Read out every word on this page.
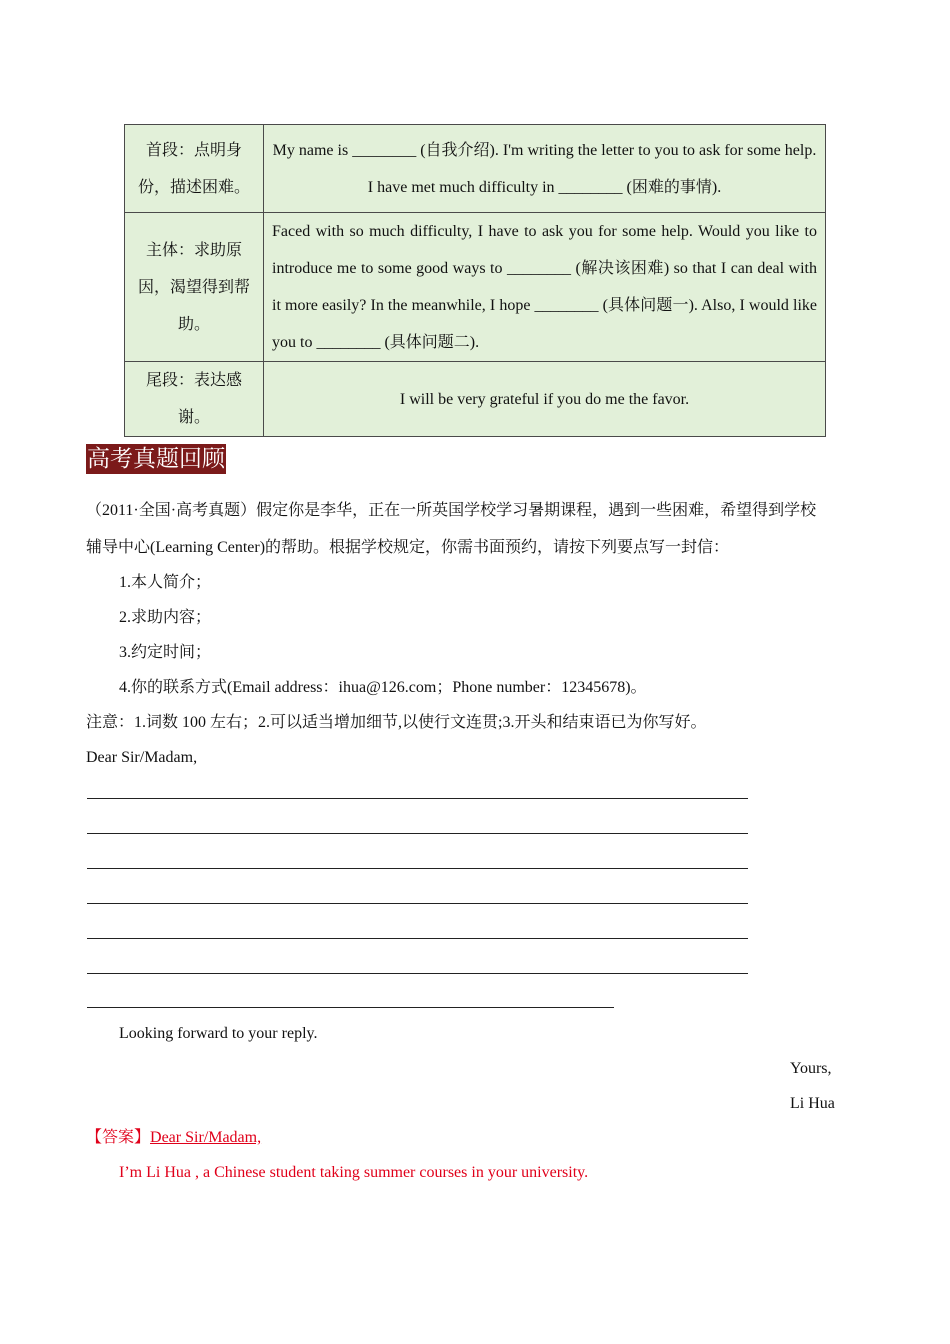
首段：点明身份，描述困难。	My name is ________ (自我介绍). I'm writing the letter to you to ask for some help. I have met much difficulty in ________ (困难的事情).
主体：求助原因，渴望得到帮助。	Faced with so much difficulty, I have to ask you for some help. Would you like to introduce me to some good ways to ________ (解决该困难) so that I can deal with it more easily? In the meanwhile, I hope ________ (具体问题一). Also, I would like you to ________ (具体问题二).
尾段：表达感谢。	I will be very grateful if you do me the favor.
高考真题回顾
（2011·全国·高考真题）假定你是李华，正在一所英国学校学习暑期课程，遇到一些困难，希望得到学校
辅导中心(Learning Center)的帮助。根据学校规定，你需书面预约，请按下列要点写一封信：
1.本人简介；
2.求助内容；
3.约定时间；
4.你的联系方式(Email address：ihua@126.com；Phone number：12345678)。
注意：1.词数 100 左右；2.可以适当增加细节,以使行文连贯;3.开头和结束语已为你写好。
Dear Sir/Madam,
Looking forward to your reply.
Yours,
Li Hua
【答案】Dear Sir/Madam,
I’m Li Hua , a Chinese student taking summer courses in your university.
